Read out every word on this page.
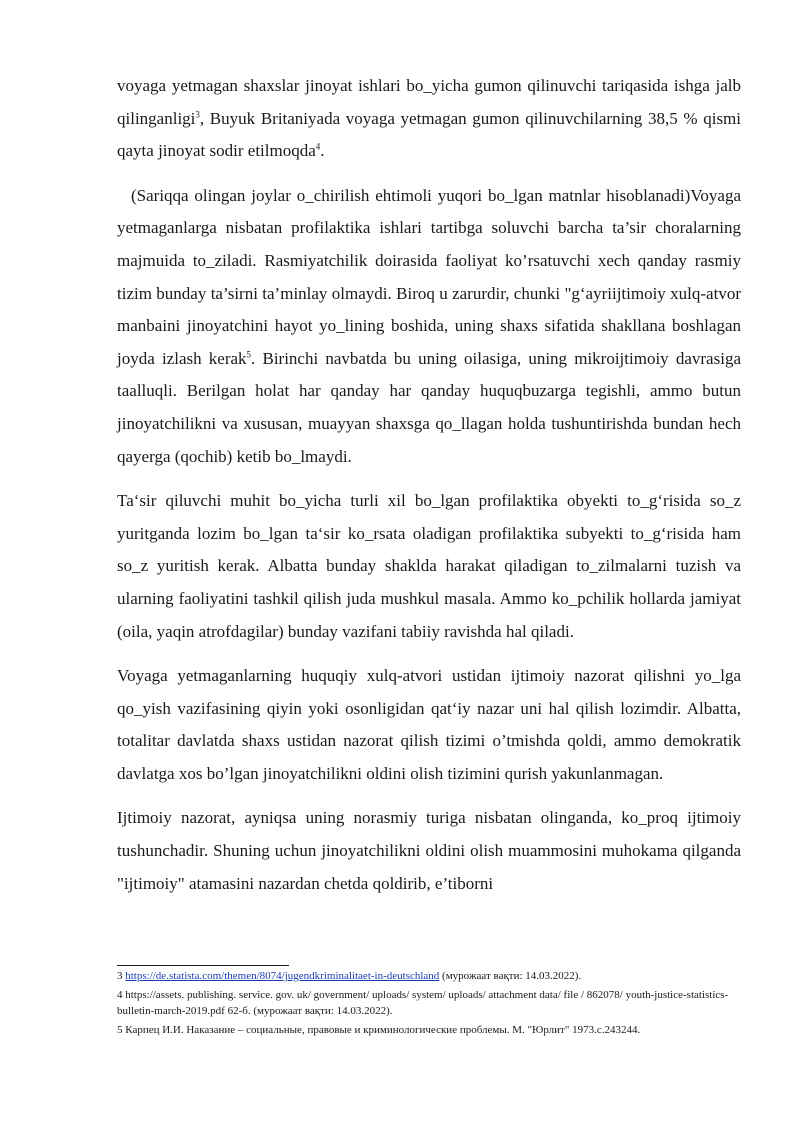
voyaga yetmagan shaxslar jinoyat ishlari bo_yicha gumon qilinuvchi tariqasida ishga jalb qilinganligi$^3$, Buyuk Britaniyada voyaga yetmagan gumon qilinuvchilarning 38,5 % qismi qayta jinoyat sodir etilmoqda$^4$.

(Sariqqa olingan joylar o_chirilish ehtimoli yuqori bo_lgan matnlar hisoblanadi)Voyaga yetmaganlarga nisbatan profilaktika ishlari tartibga soluvchi barcha ta’sir choralarning majmuida to_ziladi. Rasmiyatchilik doirasida faoliyat ko’rsatuvchi xech qanday rasmiy tizim bunday ta’sirni ta’minlay olmaydi. Biroq u zarurdir, chunki "g‘ayriijtimoiy xulq-atvor manbaini jinoyatchini hayot yo_lining boshida, uning shaxs sifatida shakllana boshlagan joyda izlash kerak$^5$. Birinchi navbatda bu uning oilasiga, uning mikroijtimoiy davrasiga taalluqli. Berilgan holat har qanday har qanday huquqbuzarga tegishli, ammo butun jinoyatchilikni va xususan, muayyan shaxsga qo_llagan holda tushuntirishda bundan hech qayerga (qochib) ketib bo_lmaydi.

Ta‘sir qiluvchi muhit bo_yicha turli xil bo_lgan profilaktika obyekti to_g‘risida so_z yuritganda lozim bo_lgan ta‘sir ko_rsata oladigan profilaktika subyekti to_g‘risida ham so_z yuritish kerak. Albatta bunday shaklda harakat qiladigan to_zilmalarni tuzish va ularning faoliyatini tashkil qilish juda mushkul masala. Ammo ko_pchilik hollarda jamiyat (oila, yaqin atrofdagilar) bunday vazifani tabiiy ravishda hal qiladi.

Voyaga yetmaganlarning huquqiy xulq-atvori ustidan ijtimoiy nazorat qilishni yo_lga qo_yish vazifasining qiyin yoki osonligidan qat‘iy nazar uni hal qilish lozimdir. Albatta, totalitar davlatda shaxs ustidan nazorat qilish tizimi o’tmishda qoldi, ammo demokratik davlatga xos bo’lgan jinoyatchilikni oldini olish tizimini qurish yakunlanmagan.

Ijtimoiy nazorat, ayniqsa uning norasmiy turiga nisbatan olinganda, ko_proq ijtimoiy tushunchadir. Shuning uchun jinoyatchilikni oldini olish muammosini muhokama qilganda "ijtimoiy" atamasini nazardan chetda qoldirib, e’tiborni

3 https://de.statista.com/themen/8074/jugendkriminalitaet-in-deutschland (мурожаат вақти: 14.03.2022).

4 https://assets. publishing. service. gov. uk/ government/ uploads/ system/ uploads/ attachment data/ file / 862078/ youth-justice-statistics-bulletin-march-2019.pdf 62-б. (мурожаат вақти: 14.03.2022).

5 Карпец И.И. Наказание – социальные, правовые и криминологические проблемы. М. "Юрлит" 1973.с.243244.
